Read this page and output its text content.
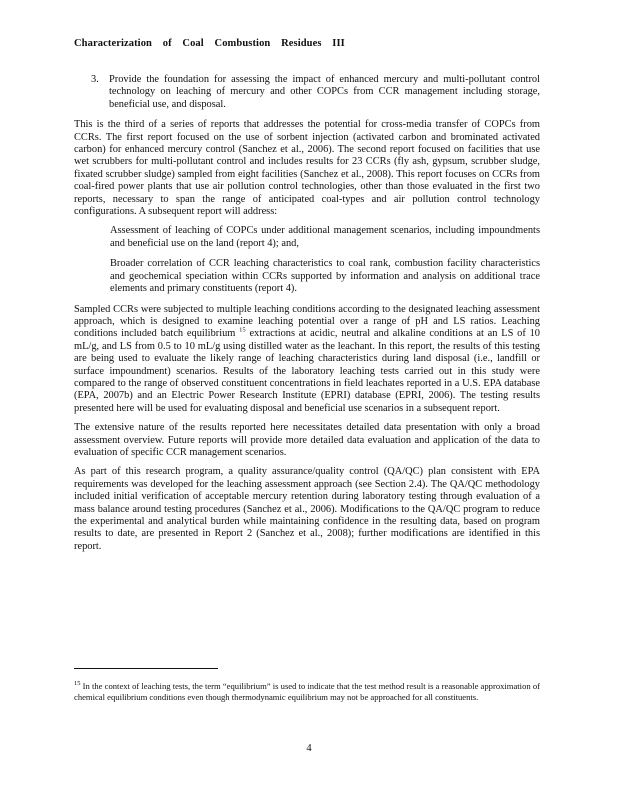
Characterization of Coal Combustion Residues III
3. Provide the foundation for assessing the impact of enhanced mercury and multi-pollutant control technology on leaching of mercury and other COPCs from CCR management including storage, beneficial use, and disposal.

This is the third of a series of reports that addresses the potential for cross-media transfer of COPCs from CCRs. The first report focused on the use of sorbent injection (activated carbon and brominated activated carbon) for enhanced mercury control (Sanchez et al., 2006). The second report focused on facilities that use wet scrubbers for multi-pollutant control and includes results for 23 CCRs (fly ash, gypsum, scrubber sludge, fixated scrubber sludge) sampled from eight facilities (Sanchez et al., 2008). This report focuses on CCRs from coal-fired power plants that use air pollution control technologies, other than those evaluated in the first two reports, necessary to span the range of anticipated coal-types and air pollution control technology configurations. A subsequent report will address:

Assessment of leaching of COPCs under additional management scenarios, including impoundments and beneficial use on the land (report 4); and,

Broader correlation of CCR leaching characteristics to coal rank, combustion facility characteristics and geochemical speciation within CCRs supported by information and analysis on additional trace elements and primary constituents (report 4).

Sampled CCRs were subjected to multiple leaching conditions according to the designated leaching assessment approach, which is designed to examine leaching potential over a range of pH and LS ratios. Leaching conditions included batch equilibrium $^{15}$ extractions at acidic, neutral and alkaline conditions at an LS of 10 mL/g, and LS from 0.5 to 10 mL/g using distilled water as the leachant. In this report, the results of this testing are being used to evaluate the likely range of leaching characteristics during land disposal (i.e., landfill or surface impoundment) scenarios. Results of the laboratory leaching tests carried out in this study were compared to the range of observed constituent concentrations in field leachates reported in a U.S. EPA database (EPA, 2007b) and an Electric Power Research Institute (EPRI) database (EPRI, 2006). The testing results presented here will be used for evaluating disposal and beneficial use scenarios in a subsequent report.

The extensive nature of the results reported here necessitates detailed data presentation with only a broad assessment overview. Future reports will provide more detailed data evaluation and application of the data to evaluation of specific CCR management scenarios.

As part of this research program, a quality assurance/quality control (QA/QC) plan consistent with EPA requirements was developed for the leaching assessment approach (see Section 2.4). The QA/QC methodology included initial verification of acceptable mercury retention during laboratory testing through evaluation of a mass balance around testing procedures (Sanchez et al., 2006). Modifications to the QA/QC program to reduce the experimental and analytical burden while maintaining confidence in the resulting data, based on program results to date, are presented in Report 2 (Sanchez et al., 2008); further modifications are identified in this report.

$^{15}$ In the context of leaching tests, the term “equilibrium” is used to indicate that the test method result is a reasonable approximation of chemical equilibrium conditions even though thermodynamic equilibrium may not be approached for all constituents.
4
